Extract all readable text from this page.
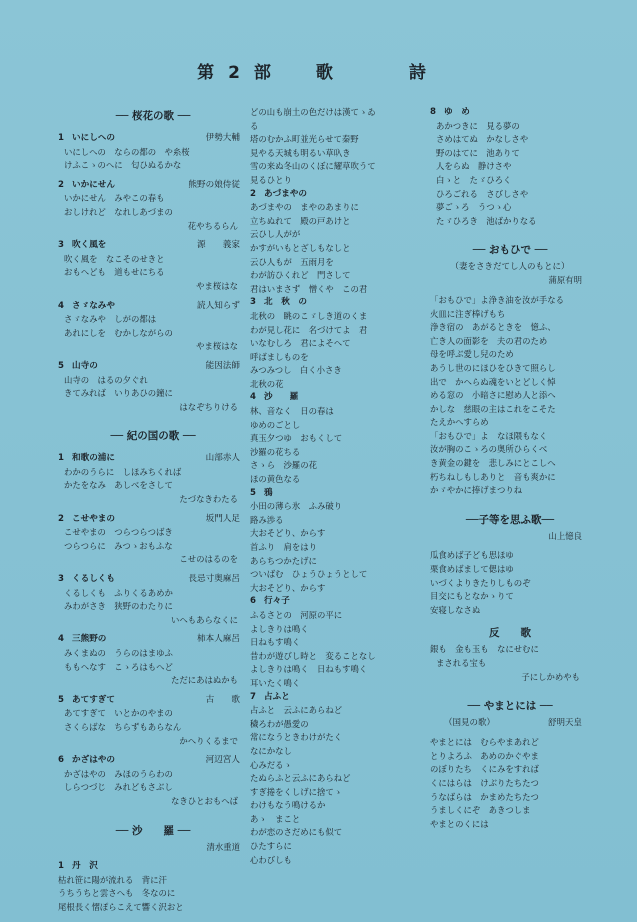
第2部　歌　　詩
── 桜花の歌 ──
1 いにしへの	伊勢大輔
いにしへの　ならの都の　や糸桜
けふこゝのへに　匂ひぬるかな
2 いかにせん	熊野の娘侍従
いかにせん　みやこの春も
おしけれど　なれしあづまの
花やちるらん
3 吹く風を	源　　義家
吹く風を　なこそのせきと
おもへども　道もせにちる
やま桜はな
4 さゞなみや	読人知らず
さゞなみや　しがの都は
あれにしを　むかしながらの
やま桜はな
5 山寺の	能因法師
山寺の　はるの夕ぐれ
きてみれば　いりあひの鐘に
はなぞちりける
── 紀の国の歌 ──
1 和歌の浦に	山部赤人
わかのうらに　しほみちくれば
かたをなみ　あしべをさして
たづなきわたる
2 こせやまの	坂門人足
こせやまの　つらつらつばき
つらつらに　みつゝおもふな
こせのはるのを
3 くるしくも	長忌寸奥麻呂
くるしくも　ふりくるあめか
みわがさき　狭野のわたりに
いへもあらなくに
4 三熊野の	柿本人麻呂
みくまぬの　うらのはまゆふ
ももへなす　こゝろはもへど
ただにあはぬかも
5 あてすぎて	古　　歌
あてすぎて　いとかのやまの
さくらばな　ちらずもあらなん
かへりくるまで
6 かざはやの	河辺宮人
かざはやの　みほのうらわの
しらつづじ　みれどもさぶし
なきひとおもへば
── 沙　　羅 ──
清水重道
1 丹　沢
枯れ笹に陽が流れる　背に汗
うちうちと雲さへも　冬なのに
尾根長く慴ぽらこえて響く沢おと
どの山も崩土の色だけは漢てゝゐ
る
塔のむかふ町並光らせて秦野
見やる天城も明るい草叺き
雪の来ぬ冬山のくぼに耀草吹うて
見るひとり
2 あづまやの
あづまやの　まやのあまりに
立ちぬれて　殿の戸あけと
云ひし人がが
かすがいもとざしもなしと
云ひ人もが　五雨月を
わが訪ひくれど　門さして
君はいまさず　憎くや　この君
3 北　秋　の
北秋の　眺のこゞしき道のくま
わが見し花に　名づけてよ　君
いなむしろ　君によそへて
呼ばましものを
みつみつし　白く小さき
北秋の花
4 沙　　羅
林、音なく　日の春は
ゆめのごとし
真玉夕つゆ　おもくして
沙羅の花ちる
さゝら　沙羅の花
ほの黄色なる
5 鴉
小田の薄ら氷　ふみ破り
路み渉る
大おそどり、からす
首ふり　肩をはり
あらちつかたげに
ついばむ　ひょうひょうとして
大おそどり、からす
6 行々子
ふるさとの　河原の平に
よしきりは鳴く
日ねもす鳴く
昔わが遊びし時と　変ることなし
よしきりは鳴く　日ねもす鳴く
耳いたく鳴く
7 占ふと
占ふと　云ふにあらねど
穢ろわが愚愛の
常になうときわけがたく
なにかなし
心みだるゝ
たぬらふと云ふにあらねど
すぎ捲をくしげに捨てゝ
わけもなう鳴けるか
あゝ　まこと
わが恋のさだめにも似て
ひたすらに
心わびしも
8 ゆ　め
あかつきに　見る夢の
さめはてぬ　かなしさや
野のはてに　池ありて
人をらぬ　静けさや
白ゝと　たゞひろく
ひろごれる　さびしさや
夢ごゝろ　うつゝ心
たゞひろき　池ばかりなる
── おもひで ──
（妻をさきだてし人のもとに）
蒲原有明
「おもひで」よ浄き油を汝が手なる
火皿に注ぎ棒げもち
浄き宿の　あがるときを　憶ふ、
亡き人の面影を　夫の君のため
母を呼ぶ愛し兒のため
あうし世のにほひをひきて照らし
出で　かへらぬ魂をいとどしく悼
める窓の　小暗さに慰め人と添へ
かしな　慈眼の主はこれをこそた
たえかへすらめ
「おもひで」よ　なほ隈もなく
汝が胸のこゝろの奥所ひらくべ
き黄金の鍵を　悲しみにとこしへ
朽ちねしもしありと　音も爽かに
かゞやかに捧げまつりね
──子等を思ふ歌──
山上憶良
瓜食めば子ども思ほゆ
栗食めばまして偲はゆ
いづくよりきたりしものぞ
目交にもとなかゝりて
安寝しなさぬ
反　　歌
銀も　金も玉も　なにせむに
まされる宝も
子にしかめやも
── やまとには ──
（国見の歌）	舒明天皇
やまとには　むらやまあれど
とりよろふ　あめのかぐやま
のぼりたち　くにみをすれば
くにはらは　けぶりたちたつ
うなばらは　かまめたちたつ
うましくにぞ　あきつしま
やまとのくには
